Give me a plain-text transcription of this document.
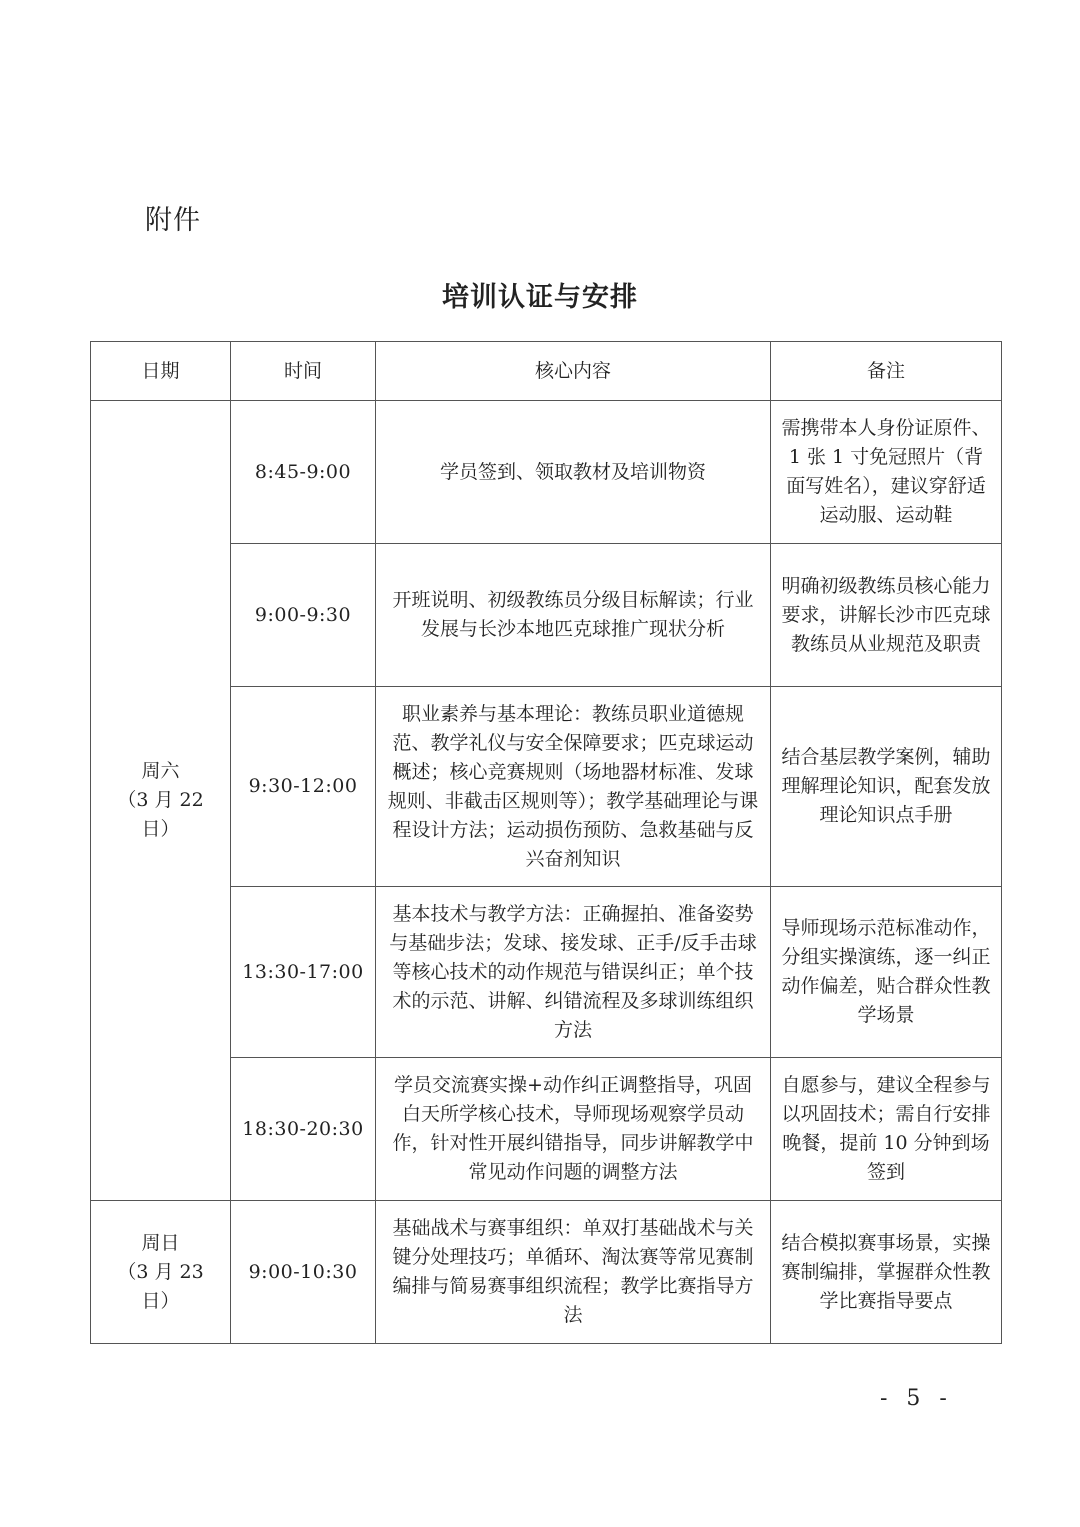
附件
培训认证与安排
日期	时间	核心内容	备注

周六
（3 月 22 日）	8:45-9:00	学员签到、领取教材及培训物资	需携带本人身份证原件、1 张 1 寸免冠照片（背面写姓名），建议穿舒适运动服、运动鞋
	9:00-9:30	开班说明、初级教练员分级目标解读；行业发展与长沙本地匹克球推广现状分析	明确初级教练员核心能力要求，讲解长沙市匹克球教练员从业规范及职责
	9:30-12:00	职业素养与基本理论：教练员职业道德规范、教学礼仪与安全保障要求；匹克球运动概述；核心竞赛规则（场地器材标准、发球规则、非截击区规则等）；教学基础理论与课程设计方法；运动损伤预防、急救基础与反兴奋剂知识	结合基层教学案例，辅助理解理论知识，配套发放理论知识点手册
	13:30-17:00	基本技术与教学方法：正确握拍、准备姿势与基础步法；发球、接发球、正手/反手击球等核心技术的动作规范与错误纠正；单个技术的示范、讲解、纠错流程及多球训练组织方法	导师现场示范标准动作，分组实操演练，逐一纠正动作偏差，贴合群众性教学场景
	18:30-20:30	学员交流赛实操+动作纠正调整指导，巩固白天所学核心技术，导师现场观察学员动作，针对性开展纠错指导，同步讲解教学中常见动作问题的调整方法	自愿参与，建议全程参与以巩固技术；需自行安排晚餐，提前 10 分钟到场签到

周日
（3 月 23 日）	9:00-10:30	基础战术与赛事组织：单双打基础战术与关键分处理技巧；单循环、淘汰赛等常见赛制编排与简易赛事组织流程；教学比赛指导方法	结合模拟赛事场景，实操赛制编排，掌握群众性教学比赛指导要点
- 5 -
